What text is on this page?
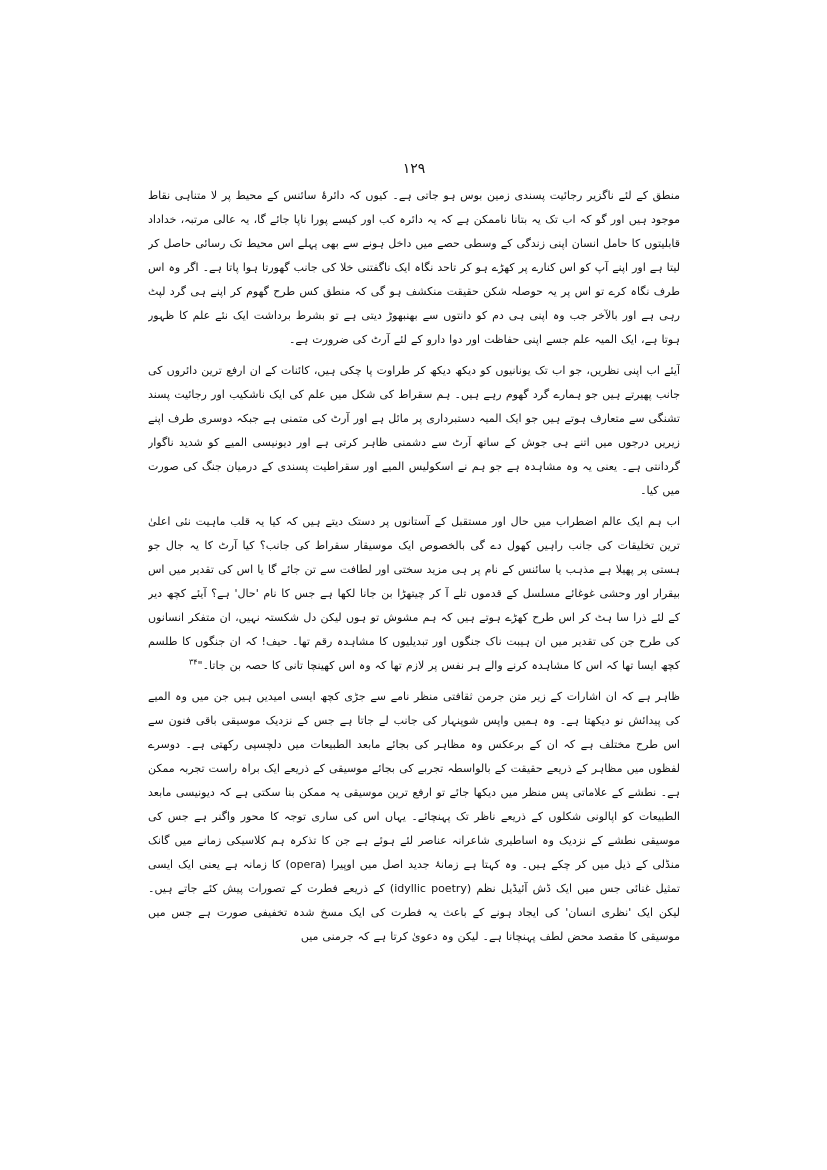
۱۲۹

منطق کے لئے ناگزیر رجائیت پسندی زمین بوس ہو جاتی ہے۔ کیوں کہ دائرۂ سائنس کے محیط پر لا متناہی نقاط موجود ہیں اور گو کہ اب تک یہ بتانا ناممکن ہے کہ یہ دائرہ کب اور کیسے پورا ناپا جائے گا، یہ عالی مرتبہ، خداداد قابلیتوں کا حامل انسان اپنی زندگی کے وسطی حصے میں داخل ہونے سے بھی پہلے اس محیط تک رسائی حاصل کر لیتا ہے اور اپنے آپ کو اس کنارے پر کھڑے ہو کر تاحد نگاہ ایک ناگفتنی خلا کی جانب گھورتا ہوا پاتا ہے۔ اگر وہ اس طرف نگاہ کرے تو اس پر یہ حوصلہ شکن حقیقت منکشف ہو گی کہ منطق کس طرح گھوم کر اپنے ہی گرد لپٹ رہی ہے اور بالآخر جب وہ اپنی ہی دم کو دانتوں سے بھنبھوڑ دیتی ہے تو بشرط برداشت ایک نئے علم کا ظہور ہوتا ہے، ایک المیہ علم جسے اپنی حفاظت اور دوا دارو کے لئے آرٹ کی ضرورت ہے۔

آیئے اب اپنی نظریں، جو اب تک یونانیوں کو دیکھ دیکھ کر طراوت پا چکی ہیں، کائنات کے ان ارفع ترین دائروں کی جانب پھیرتے ہیں جو ہمارے گرد گھوم رہے ہیں۔ ہم سقراط کی شکل میں علم کی ایک ناشکیب اور رجائیت پسند تشنگی سے متعارف ہوتے ہیں جو ایک المیہ دستبرداری پر مائل ہے اور آرٹ کی متمنی ہے جبکہ دوسری طرف اپنے زیریں درجوں میں اتنے ہی جوش کے ساتھ آرٹ سے دشمنی ظاہر کرتی ہے اور دیونیسی المیے کو شدید ناگوار گردانتی ہے۔ یعنی یہ وہ مشاہدہ ہے جو ہم نے اسکولیس المیے اور سقراطیت پسندی کے درمیان جنگ کی صورت میں کیا۔

اب ہم ایک عالم اضطراب میں حال اور مستقبل کے آستانوں پر دستک دیتے ہیں کہ کیا یہ قلب ماہیت نئی اعلیٰ ترین تخلیقات کی جانب راہیں کھول دے گی بالخصوص ایک موسیقار سقراط کی جانب؟ کیا آرٹ کا یہ جال جو ہستی پر پھیلا ہے مذہب یا سائنس کے نام پر ہی مزید سختی اور لطافت سے تن جائے گا یا اس کی تقدیر میں اس بیقرار اور وحشی غوغائے مسلسل کے قدموں تلے آ کر چیتھڑا بن جانا لکھا ہے جس کا نام 'حال' ہے؟ آیئے کچھ دیر کے لئے ذرا سا ہٹ کر اس طرح کھڑے ہوتے ہیں کہ ہم مشوش تو ہوں لیکن دل شکستہ نہیں، ان متفکر انسانوں کی طرح جن کی تقدیر میں ان ہیبت ناک جنگوں اور تبدیلیوں کا مشاہدہ رقم تھا۔ حیف! کہ ان جنگوں کا طلسم کچھ ایسا تھا کہ اس کا مشاہدہ کرنے والے ہر نفس پر لازم تھا کہ وہ اس کھینچا تانی کا حصہ بن جاتا۔"$^{۳۴}$

ظاہر ہے کہ ان اشارات کے زیر متن جرمن ثقافتی منظر نامے سے جڑی کچھ ایسی امیدیں ہیں جن میں وہ المیے کی پیدائش نو دیکھتا ہے۔ وہ ہمیں واپس شوپنہار کی جانب لے جاتا ہے جس کے نزدیک موسیقی باقی فنون سے اس طرح مختلف ہے کہ ان کے برعکس وہ مظاہر کی بجائے مابعد الطبیعات میں دلچسپی رکھتی ہے۔ دوسرے لفظوں میں مظاہر کے ذریعے حقیقت کے بالواسطہ تجربے کی بجائے موسیقی کے ذریعے ایک براہ راست تجربہ ممکن ہے۔ نطشے کے علاماتی پس منظر میں دیکھا جائے تو ارفع ترین موسیقی یہ ممکن بنا سکتی ہے کہ دیونیسی مابعد الطبیعات کو اپالونی شکلوں کے ذریعے ناظر تک پہنچائے۔ یہاں اس کی ساری توجہ کا محور واگنر ہے جس کی موسیقی نطشے کے نزدیک وہ اساطیری شاعرانہ عناصر لئے ہوئے ہے جن کا تذکرہ ہم کلاسیکی زمانے میں گانک منڈلی کے ذیل میں کر چکے ہیں۔ وہ کہتا ہے زمانۂ جدید اصل میں اوپیرا (opera) کا زمانہ ہے یعنی ایک ایسی تمثیل غنائی جس میں ایک ڈش آئیڈیل نظم (idyllic poetry) کے ذریعے فطرت کے تصورات پیش کئے جاتے ہیں۔ لیکن ایک 'نظری انسان' کی ایجاد ہونے کے باعث یہ فطرت کی ایک مسخ شدہ تخفیفی صورت ہے جس میں موسیقی کا مقصد محض لطف پہنچانا ہے۔ لیکن وہ دعویٰ کرتا ہے کہ جرمنی میں
